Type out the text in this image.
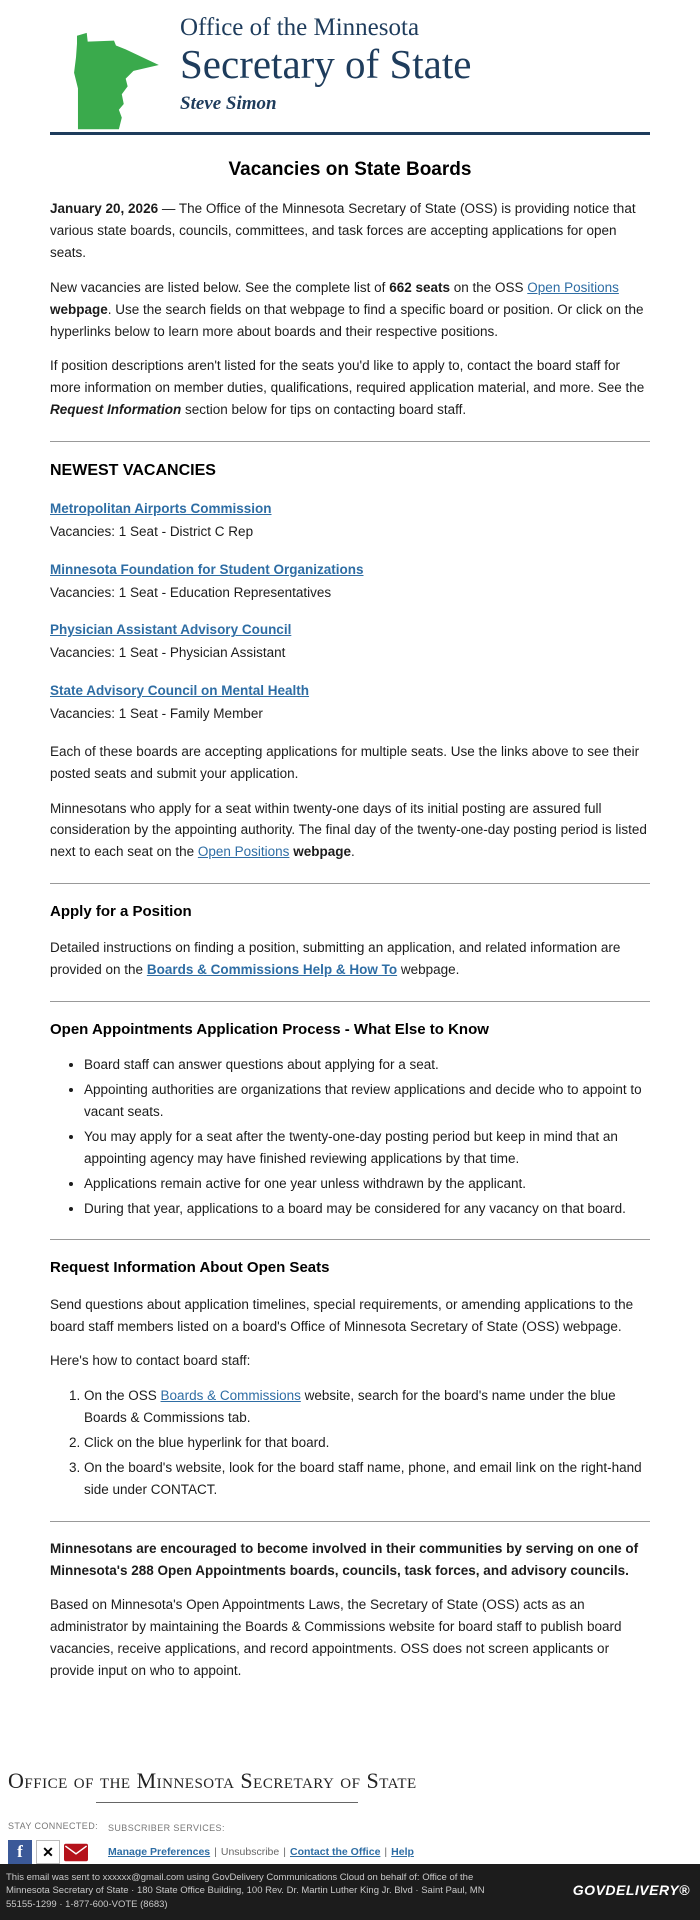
Office of the Minnesota
Secretary of State
Steve Simon
Vacancies on State Boards

January 20, 2026 — The Office of the Minnesota Secretary of State (OSS) is providing notice that various state boards, councils, committees, and task forces are accepting applications for open seats.

New vacancies are listed below. See the complete list of 662 seats on the OSS Open Positions webpage. Use the search fields on that webpage to find a specific board or position. Or click on the hyperlinks below to learn more about boards and their respective positions.

If position descriptions aren't listed for the seats you'd like to apply to, contact the board staff for more information on member duties, qualifications, required application material, and more. See the Request Information section below for tips on contacting board staff.

NEWEST VACANCIES
Metropolitan Airports Commission
Vacancies: 1 Seat - District C Rep
Minnesota Foundation for Student Organizations
Vacancies: 1 Seat - Education Representatives
Physician Assistant Advisory Council
Vacancies: 1 Seat - Physician Assistant
State Advisory Council on Mental Health
Vacancies: 1 Seat - Family Member

Each of these boards are accepting applications for multiple seats. Use the links above to see their posted seats and submit your application.

Minnesotans who apply for a seat within twenty-one days of its initial posting are assured full consideration by the appointing authority. The final day of the twenty-one-day posting period is listed next to each seat on the Open Positions webpage.

Apply for a Position

Detailed instructions on finding a position, submitting an application, and related information are provided on the Boards & Commissions Help & How To webpage.

Open Appointments Application Process - What Else to Know
• Board staff can answer questions about applying for a seat.
• Appointing authorities are organizations that review applications and decide who to appoint to vacant seats.
• You may apply for a seat after the twenty-one-day posting period but keep in mind that an appointing agency may have finished reviewing applications by that time.
• Applications remain active for one year unless withdrawn by the applicant.
• During that year, applications to a board may be considered for any vacancy on that board.
Request Information About Open Seats

Send questions about application timelines, special requirements, or amending applications to the board staff members listed on a board's Office of Minnesota Secretary of State (OSS) webpage.

Here's how to contact board staff:

1. On the OSS Boards & Commissions website, search for the board's name under the blue Boards & Commissions tab.
2. Click on the blue hyperlink for that board.
3. On the board's website, look for the board staff name, phone, and email link on the right-hand side under CONTACT.

Minnesotans are encouraged to become involved in their communities by serving on one of Minnesota's 288 Open Appointments boards, councils, task forces, and advisory councils.

Based on Minnesota's Open Appointments Laws, the Secretary of State (OSS) acts as an administrator by maintaining the Boards & Commissions website for board staff to publish board vacancies, receive applications, and record appointments. OSS does not screen applicants or provide input on who to appoint.

Office of the Minnesota Secretary of State
STAY CONNECTED:
f	✕
SUBSCRIBER SERVICES:
Manage Preferences | Unsubscribe | Contact the Office | Help
This email was sent to xxxxxx@gmail.com using GovDelivery Communications Cloud on behalf of: Office of the Minnesota Secretary of State · 180 State Office Building, 100 Rev. Dr. Martin Luther King Jr. Blvd · Saint Paul, MN 55155-1299 · 1-877-600-VOTE (8683)
GOVDELIVERY®
